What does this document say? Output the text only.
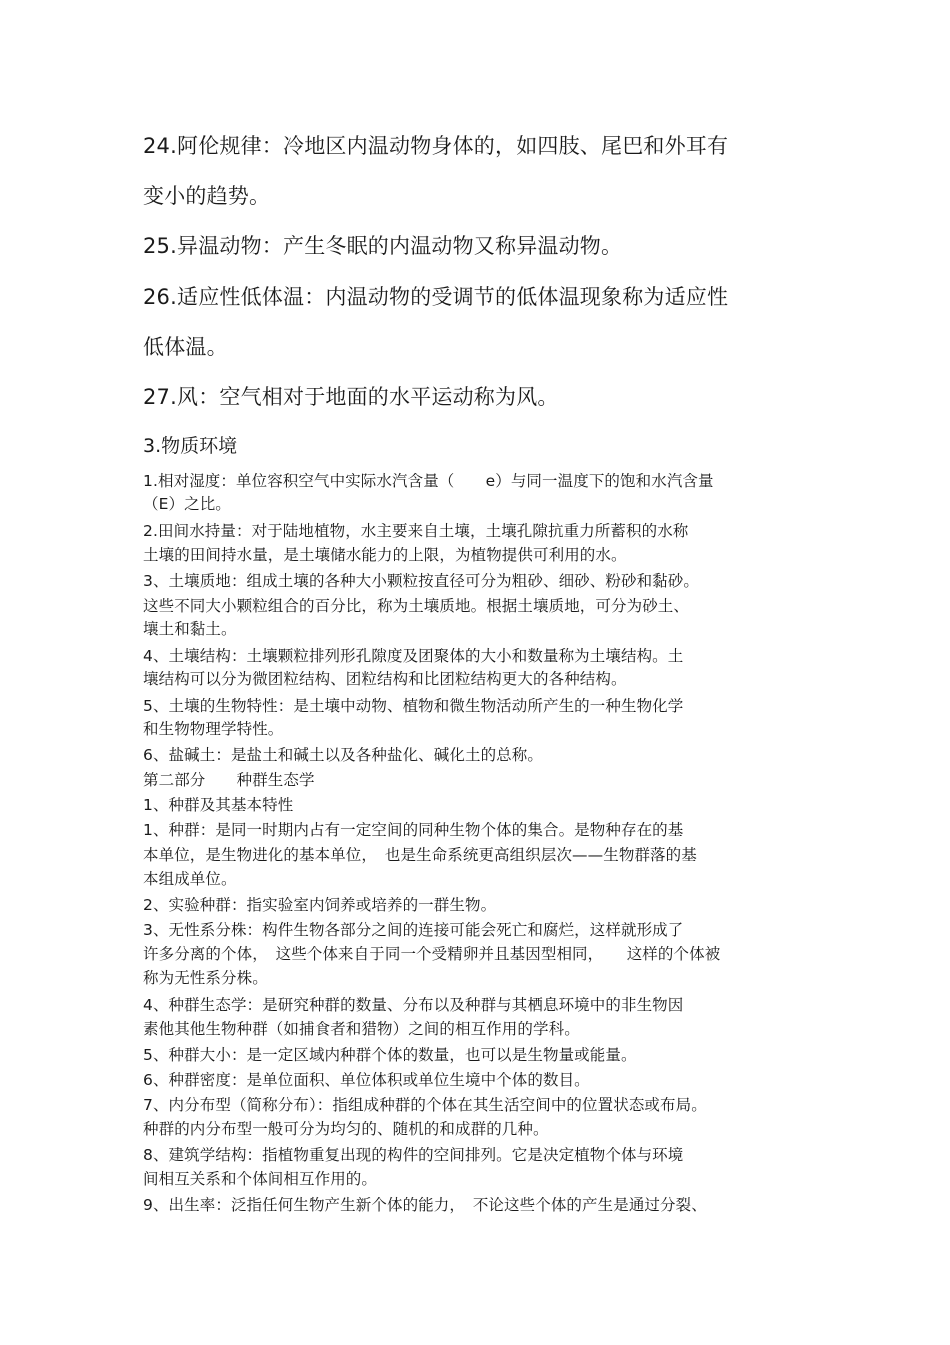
24.阿伦规律：冷地区内温动物身体的，如四肢、尾巴和外耳有

变小的趋势。

25.异温动物：产生冬眠的内温动物又称异温动物。

26.适应性低体温：内温动物的受调节的低体温现象称为适应性

低体温。

27.风：空气相对于地面的水平运动称为风。

3.物质环境

1.相对湿度：单位容积空气中实际水汽含量（　　e）与同一温度下的饱和水汽含量

（E）之比。

2.田间水持量：对于陆地植物，水主要来自土壤，土壤孔隙抗重力所蓄积的水称

土壤的田间持水量，是土壤储水能力的上限，为植物提供可利用的水。

3、土壤质地：组成土壤的各种大小颗粒按直径可分为粗砂、细砂、粉砂和黏砂。

这些不同大小颗粒组合的百分比，称为土壤质地。根据土壤质地，可分为砂土、

壤土和黏土。

4、土壤结构：土壤颗粒排列形孔隙度及团聚体的大小和数量称为土壤结构。土

壤结构可以分为微团粒结构、团粒结构和比团粒结构更大的各种结构。

5、土壤的生物特性：是土壤中动物、植物和微生物活动所产生的一种生物化学

和生物物理学特性。

6、盐碱土：是盐土和碱土以及各种盐化、碱化土的总称。

第二部分　　种群生态学

1、种群及其基本特性

1、种群：是同一时期内占有一定空间的同种生物个体的集合。是物种存在的基

本单位，是生物进化的基本单位，　也是生命系统更高组织层次——生物群落的基

本组成单位。

2、实验种群：指实验室内饲养或培养的一群生物。

3、无性系分株：构件生物各部分之间的连接可能会死亡和腐烂，这样就形成了

许多分离的个体，　这些个体来自于同一个受精卵并且基因型相同，　　这样的个体被

称为无性系分株。

4、种群生态学：是研究种群的数量、分布以及种群与其栖息环境中的非生物因

素他其他生物种群（如捕食者和猎物）之间的相互作用的学科。

5、种群大小：是一定区域内种群个体的数量，也可以是生物量或能量。

6、种群密度：是单位面积、单位体积或单位生境中个体的数目。

7、内分布型（简称分布）：指组成种群的个体在其生活空间中的位置状态或布局。

种群的内分布型一般可分为均匀的、随机的和成群的几种。

8、建筑学结构：指植物重复出现的构件的空间排列。它是决定植物个体与环境

间相互关系和个体间相互作用的。

9、出生率：泛指任何生物产生新个体的能力，　不论这些个体的产生是通过分裂、
